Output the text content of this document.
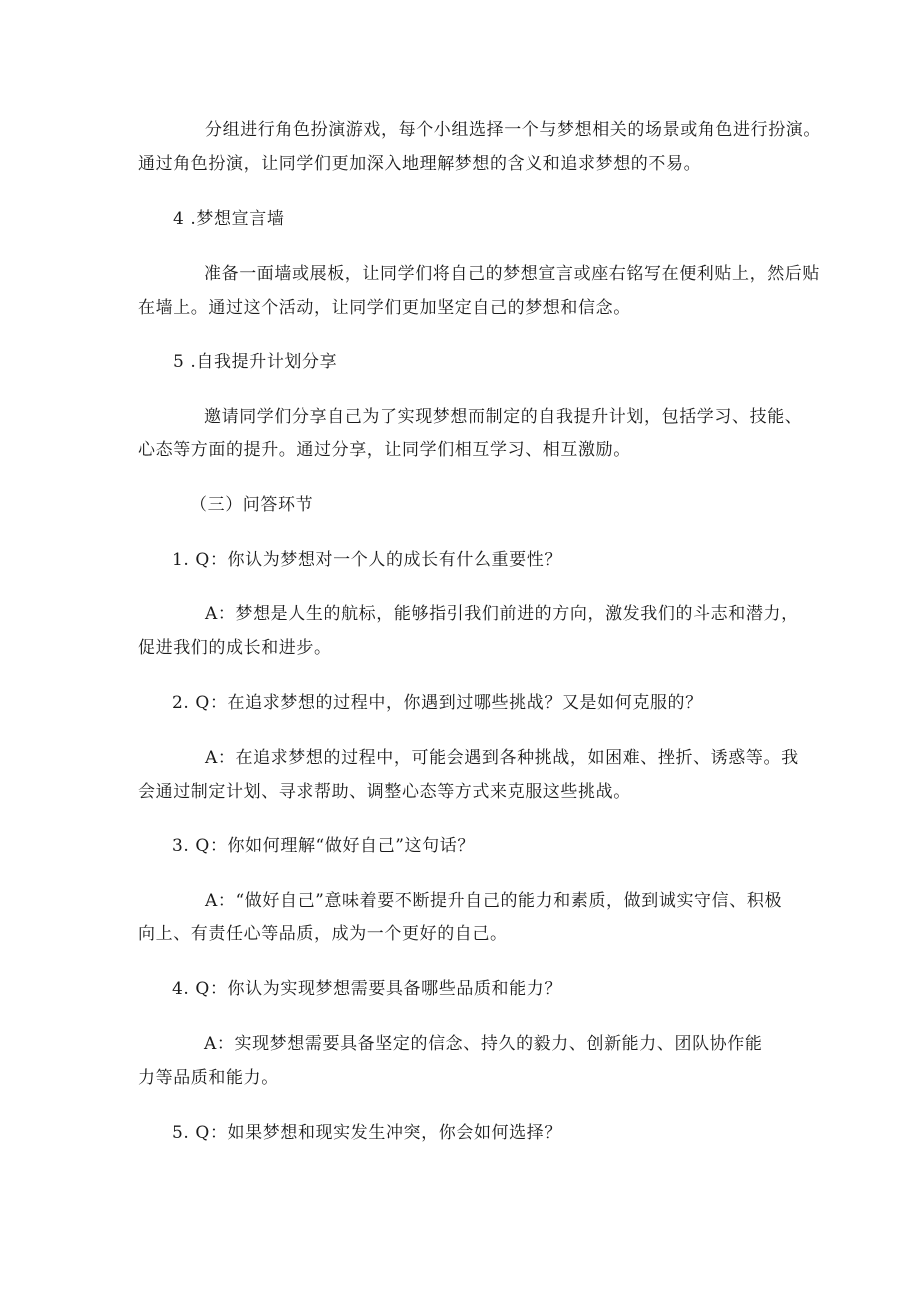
分组进行角色扮演游戏，每个小组选择一个与梦想相关的场景或角色进行扮演。
通过角色扮演，让同学们更加深入地理解梦想的含义和追求梦想的不易。
4 .梦想宣言墙
准备一面墙或展板，让同学们将自己的梦想宣言或座右铭写在便利贴上，然后贴
在墙上。通过这个活动，让同学们更加坚定自己的梦想和信念。
5 .自我提升计划分享
邀请同学们分享自己为了实现梦想而制定的自我提升计划，包括学习、技能、
心态等方面的提升。通过分享，让同学们相互学习、相互激励。
（三）问答环节
1. Q：你认为梦想对一个人的成长有什么重要性？
A：梦想是人生的航标，能够指引我们前进的方向，激发我们的斗志和潜力，
促进我们的成长和进步。
2. Q：在追求梦想的过程中，你遇到过哪些挑战？又是如何克服的？
A：在追求梦想的过程中，可能会遇到各种挑战，如困难、挫折、诱惑等。我
会通过制定计划、寻求帮助、调整心态等方式来克服这些挑战。
3. Q：你如何理解“做好自己”这句话？
A：“做好自己”意味着要不断提升自己的能力和素质，做到诚实守信、积极
向上、有责任心等品质，成为一个更好的自己。
4. Q：你认为实现梦想需要具备哪些品质和能力？
A：实现梦想需要具备坚定的信念、持久的毅力、创新能力、团队协作能
力等品质和能力。
5. Q：如果梦想和现实发生冲突，你会如何选择？
